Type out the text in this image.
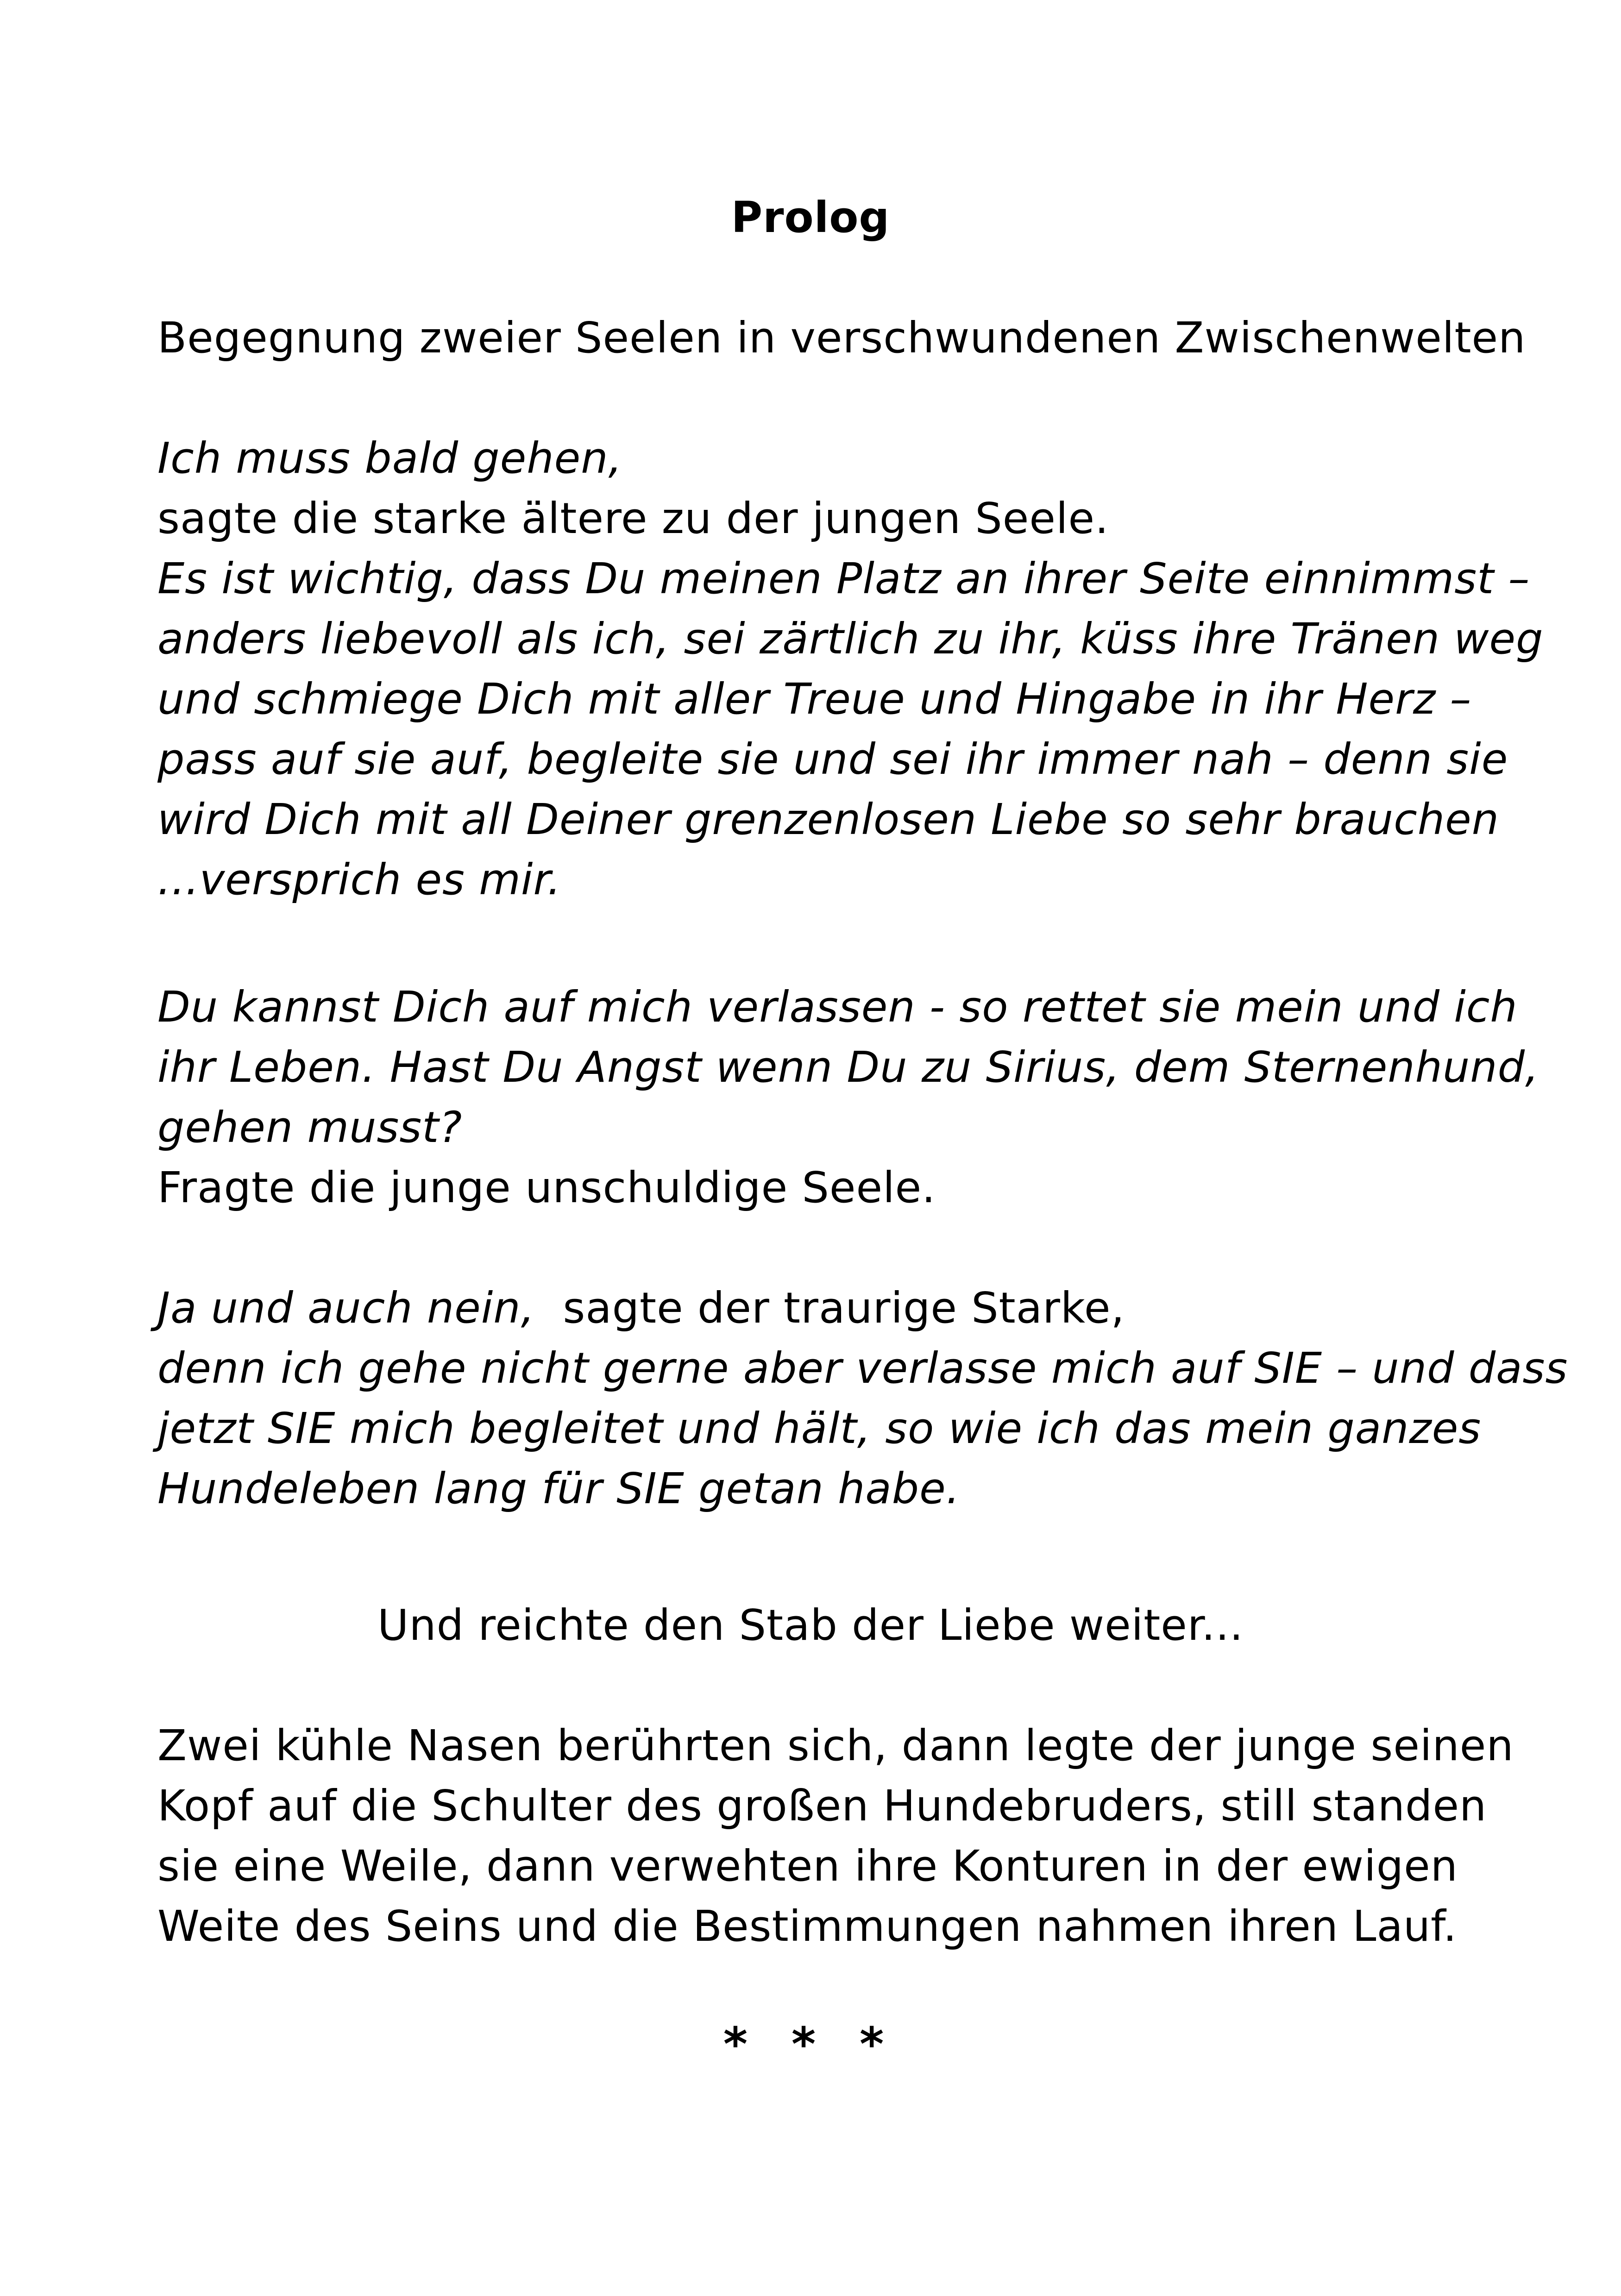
Prolog
Begegnung zweier Seelen in verschwundenen Zwischenwelten
Ich muss bald gehen,
sagte die starke ältere zu der jungen Seele.
Es ist wichtig, dass Du meinen Platz an ihrer Seite einnimmst –
anders liebevoll als ich, sei zärtlich zu ihr, küss ihre Tränen weg
und schmiege Dich mit aller Treue und Hingabe in ihr Herz –
pass auf sie auf, begleite sie und sei ihr immer nah – denn sie
wird Dich mit all Deiner grenzenlosen Liebe so sehr brauchen
...versprich es mir.
Du kannst Dich auf mich verlassen - so rettet sie mein und ich
ihr Leben. Hast Du Angst wenn Du zu Sirius, dem Sternenhund,
gehen musst?
Fragte die junge unschuldige Seele.
Ja und auch nein,  sagte der traurige Starke,
denn ich gehe nicht gerne aber verlasse mich auf SIE – und dass
jetzt SIE mich begleitet und hält, so wie ich das mein ganzes
Hundeleben lang für SIE getan habe.
Und reichte den Stab der Liebe weiter...
Zwei kühle Nasen berührten sich, dann legte der junge seinen
Kopf auf die Schulter des großen Hundebruders, still standen
sie eine Weile, dann verwehten ihre Konturen in der ewigen
Weite des Seins und die Bestimmungen nahmen ihren Lauf.
* * *
